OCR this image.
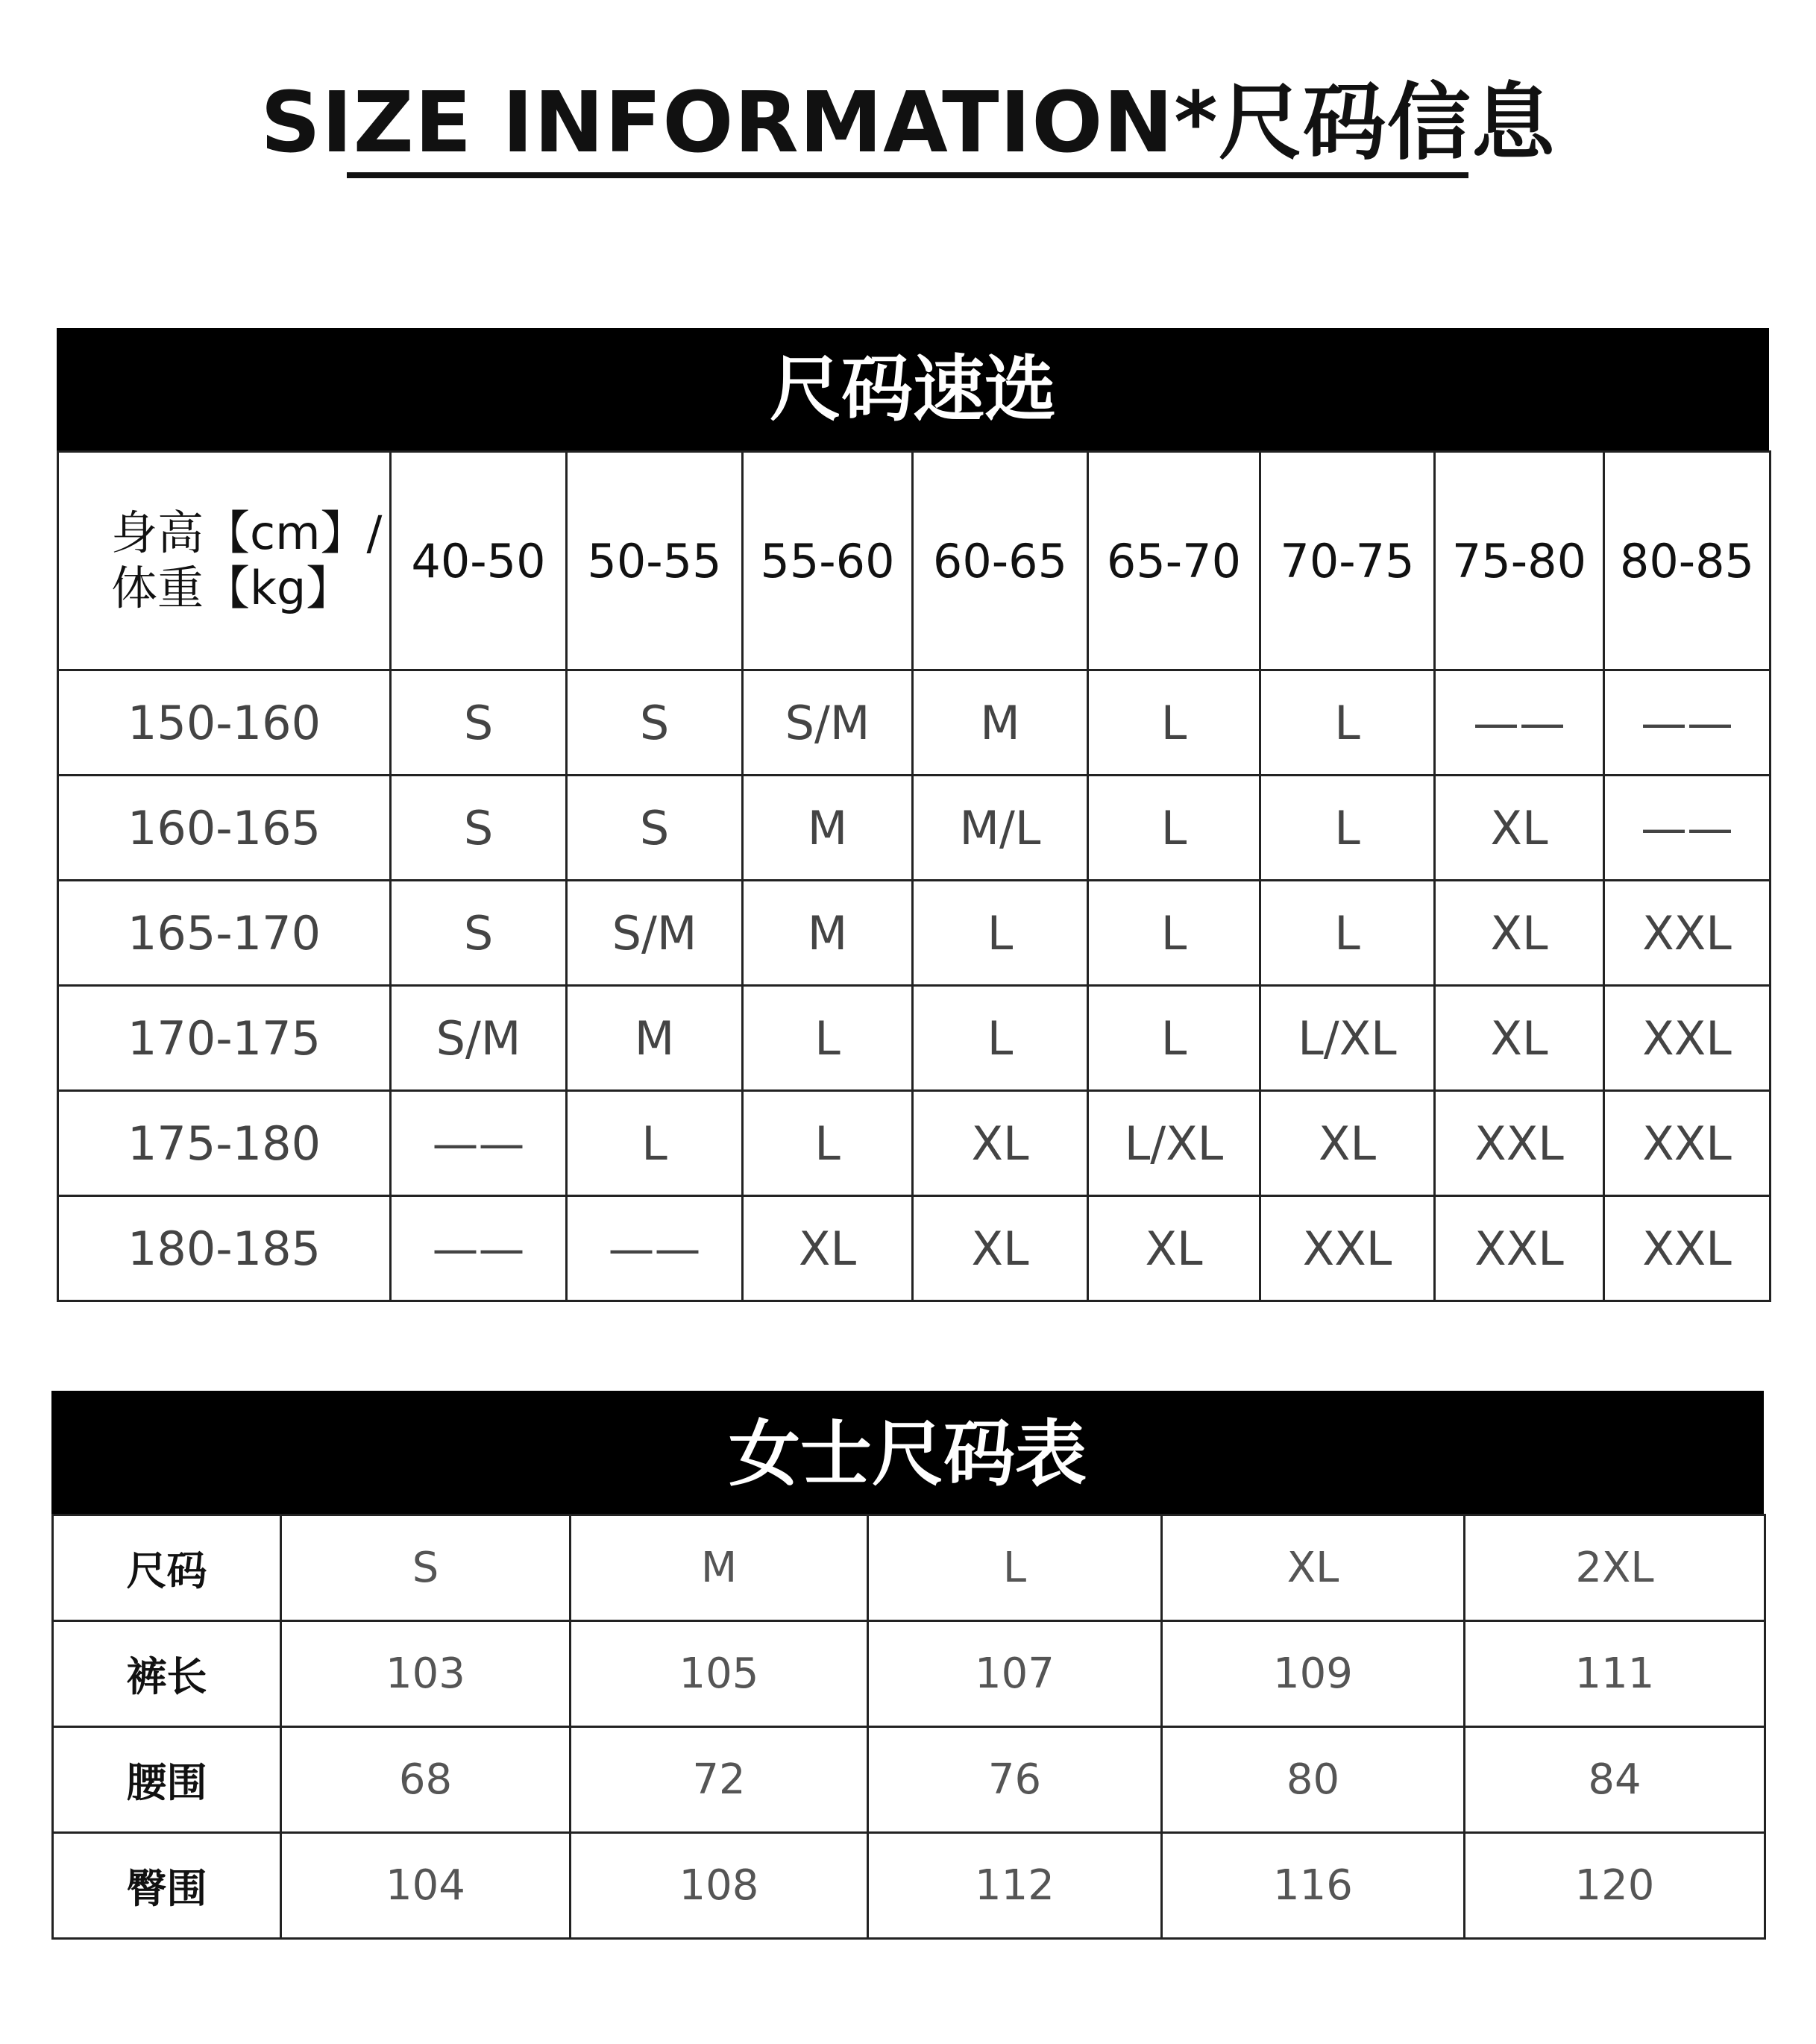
SIZE INFORMATION*尺码信息
尺码速选
身高【cm】/
体重【kg】	40-50	50-55	55-60	60-65	65-70	70-75	75-80	80-85
150-160	S	S	S/M	M	L	L	——	——
160-165	S	S	M	M/L	L	L	XL	——
165-170	S	S/M	M	L	L	L	XL	XXL
170-175	S/M	M	L	L	L	L/XL	XL	XXL
175-180	——	L	L	XL	L/XL	XL	XXL	XXL
180-185	——	——	XL	XL	XL	XXL	XXL	XXL
女士尺码表
尺码	S	M	L	XL	2XL
裤长	103	105	107	109	111
腰围	68	72	76	80	84
臀围	104	108	112	116	120
